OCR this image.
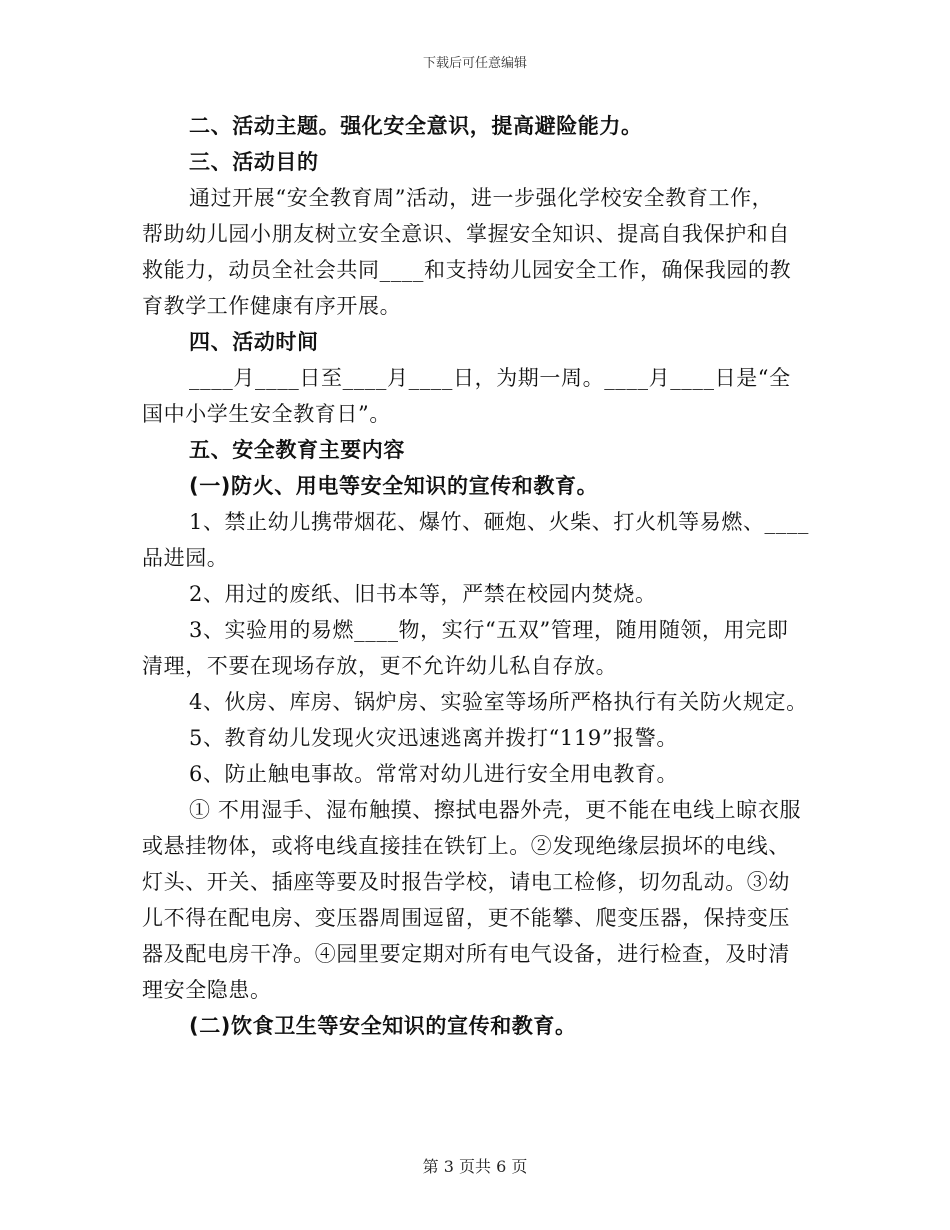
下载后可任意编辑
二、活动主题。强化安全意识，提高避险能力。
三、活动目的
通过开展“安全教育周”活动，进一步强化学校安全教育工作，
帮助幼儿园小朋友树立安全意识、掌握安全知识、提高自我保护和自
救能力，动员全社会共同____和支持幼儿园安全工作，确保我园的教
育教学工作健康有序开展。
四、活动时间
____月____日至____月____日，为期一周。____月____日是“全
国中小学生安全教育日”。
五、安全教育主要内容
(一)防火、用电等安全知识的宣传和教育。
1、禁止幼儿携带烟花、爆竹、砸炮、火柴、打火机等易燃、____
品进园。
2、用过的废纸、旧书本等，严禁在校园内焚烧。
3、实验用的易燃____物，实行“五双”管理，随用随领，用完即
清理，不要在现场存放，更不允许幼儿私自存放。
4、伙房、库房、锅炉房、实验室等场所严格执行有关防火规定。
5、教育幼儿发现火灾迅速逃离并拨打“119”报警。
6、防止触电事故。常常对幼儿进行安全用电教育。
① 不用湿手、湿布触摸、擦拭电器外壳，更不能在电线上晾衣服
或悬挂物体，或将电线直接挂在铁钉上。②发现绝缘层损坏的电线、
灯头、开关、插座等要及时报告学校，请电工检修，切勿乱动。③幼
儿不得在配电房、变压器周围逗留，更不能攀、爬变压器，保持变压
器及配电房干净。④园里要定期对所有电气设备，进行检查，及时清
理安全隐患。
(二)饮食卫生等安全知识的宣传和教育。
第 3 页共 6 页
